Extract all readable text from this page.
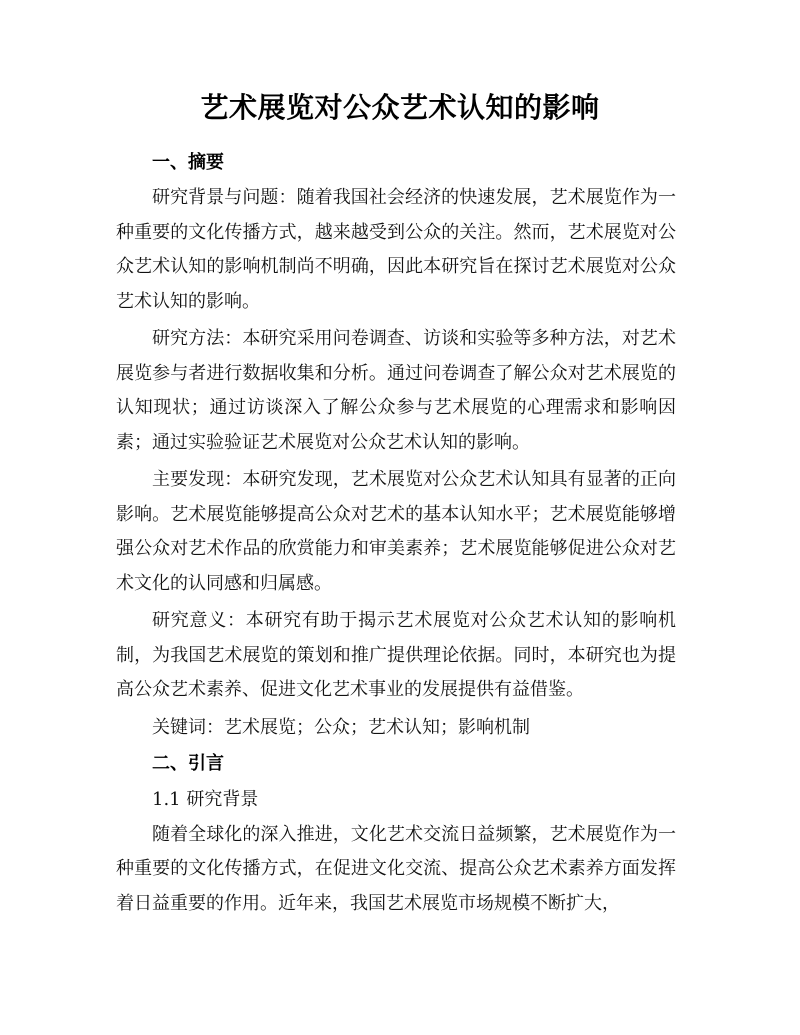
艺术展览对公众艺术认知的影响

一、摘要

研究背景与问题：随着我国社会经济的快速发展，艺术展览作为一种重要的文化传播方式，越来越受到公众的关注。然而，艺术展览对公众艺术认知的影响机制尚不明确，因此本研究旨在探讨艺术展览对公众艺术认知的影响。

研究方法：本研究采用问卷调查、访谈和实验等多种方法，对艺术展览参与者进行数据收集和分析。通过问卷调查了解公众对艺术展览的认知现状；通过访谈深入了解公众参与艺术展览的心理需求和影响因素；通过实验验证艺术展览对公众艺术认知的影响。

主要发现：本研究发现，艺术展览对公众艺术认知具有显著的正向影响。艺术展览能够提高公众对艺术的基本认知水平；艺术展览能够增强公众对艺术作品的欣赏能力和审美素养；艺术展览能够促进公众对艺术文化的认同感和归属感。

研究意义：本研究有助于揭示艺术展览对公众艺术认知的影响机制，为我国艺术展览的策划和推广提供理论依据。同时，本研究也为提高公众艺术素养、促进文化艺术事业的发展提供有益借鉴。

关键词：艺术展览；公众；艺术认知；影响机制

二、引言

1.1 研究背景

随着全球化的深入推进，文化艺术交流日益频繁，艺术展览作为一种重要的文化传播方式，在促进文化交流、提高公众艺术素养方面发挥着日益重要的作用。近年来，我国艺术展览市场规模不断扩大，
